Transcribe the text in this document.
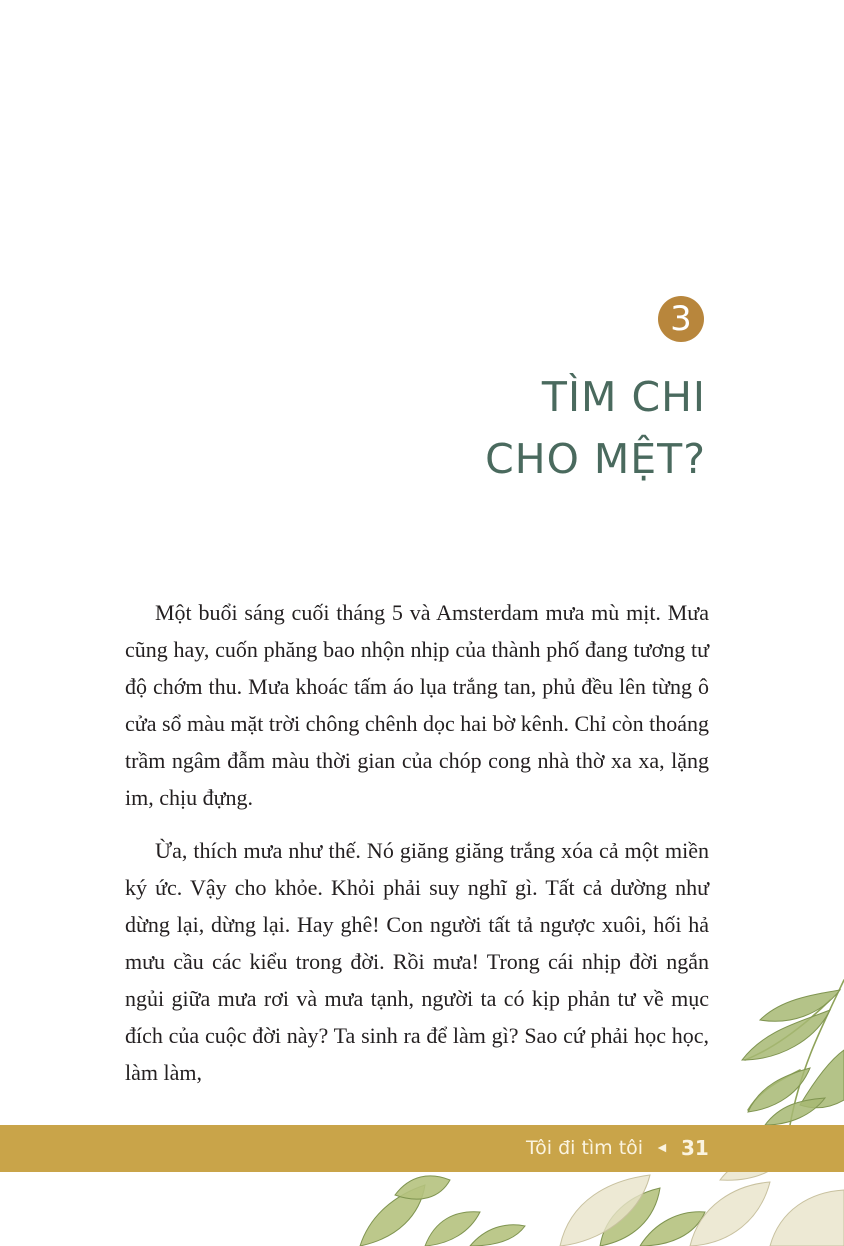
3
TÌM CHI
CHO MỆT?

Một buổi sáng cuối tháng 5 và Amsterdam mưa mù mịt. Mưa cũng hay, cuốn phăng bao nhộn nhịp của thành phố đang tương tư độ chớm thu. Mưa khoác tấm áo lụa trắng tan, phủ đều lên từng ô cửa sổ màu mặt trời chông chênh dọc hai bờ kênh. Chỉ còn thoáng trầm ngâm đẫm màu thời gian của chóp cong nhà thờ xa xa, lặng im, chịu đựng.

Ừa, thích mưa như thế. Nó giăng giăng trắng xóa cả một miền ký ức. Vậy cho khỏe. Khỏi phải suy nghĩ gì. Tất cả dường như dừng lại, dừng lại. Hay ghê! Con người tất tả ngược xuôi, hối hả mưu cầu các kiểu trong đời. Rồi mưa! Trong cái nhịp đời ngắn ngủi giữa mưa rơi và mưa tạnh, người ta có kịp phản tư về mục đích của cuộc đời này? Ta sinh ra để làm gì? Sao cứ phải học học, làm làm,

Tôi đi tìm tôi ◄ 31
